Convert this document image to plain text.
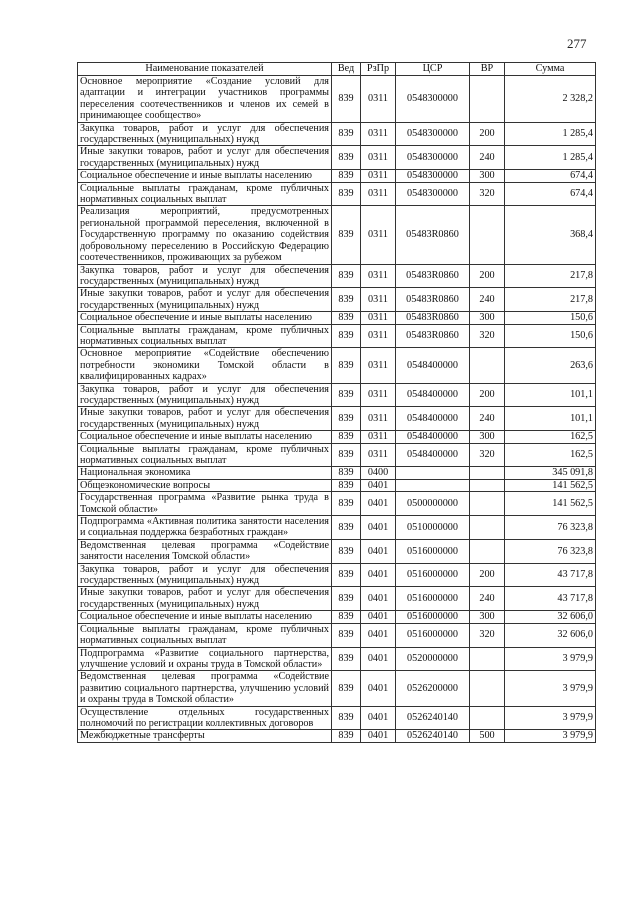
277
Наименование показателей	Вед	РзПр	ЦСР	ВР	Сумма
Основное мероприятие «Создание условий для адаптации и интеграции участников программы переселения соотечественников и членов их семей в принимающее сообщество»	839	0311	0548300000		2 328,2
Закупка товаров, работ и услуг для обеспечения государственных (муниципальных) нужд	839	0311	0548300000	200	1 285,4
Иные закупки товаров, работ и услуг для обеспечения государственных (муниципальных) нужд	839	0311	0548300000	240	1 285,4
Социальное обеспечение и иные выплаты населению	839	0311	0548300000	300	674,4
Социальные выплаты гражданам, кроме публичных нормативных социальных выплат	839	0311	0548300000	320	674,4
Реализация мероприятий, предусмотренных региональной программой переселения, включенной в Государственную программу по оказанию содействия добровольному переселению в Российскую Федерацию соотечественников, проживающих за рубежом	839	0311	05483R0860		368,4
Закупка товаров, работ и услуг для обеспечения государственных (муниципальных) нужд	839	0311	05483R0860	200	217,8
Иные закупки товаров, работ и услуг для обеспечения государственных (муниципальных) нужд	839	0311	05483R0860	240	217,8
Социальное обеспечение и иные выплаты населению	839	0311	05483R0860	300	150,6
Социальные выплаты гражданам, кроме публичных нормативных социальных выплат	839	0311	05483R0860	320	150,6
Основное мероприятие «Содействие обеспечению потребности экономики Томской области в квалифицированных кадрах»	839	0311	0548400000		263,6
Закупка товаров, работ и услуг для обеспечения государственных (муниципальных) нужд	839	0311	0548400000	200	101,1
Иные закупки товаров, работ и услуг для обеспечения государственных (муниципальных) нужд	839	0311	0548400000	240	101,1
Социальное обеспечение и иные выплаты населению	839	0311	0548400000	300	162,5
Социальные выплаты гражданам, кроме публичных нормативных социальных выплат	839	0311	0548400000	320	162,5
Национальная экономика	839	0400			345 091,8
Общеэкономические вопросы	839	0401			141 562,5
Государственная программа «Развитие рынка труда в Томской области»	839	0401	0500000000		141 562,5
Подпрограмма «Активная политика занятости населения и социальная поддержка безработных граждан»	839	0401	0510000000		76 323,8
Ведомственная целевая программа «Содействие занятости населения Томской области»	839	0401	0516000000		76 323,8
Закупка товаров, работ и услуг для обеспечения государственных (муниципальных) нужд	839	0401	0516000000	200	43 717,8
Иные закупки товаров, работ и услуг для обеспечения государственных (муниципальных) нужд	839	0401	0516000000	240	43 717,8
Социальное обеспечение и иные выплаты населению	839	0401	0516000000	300	32 606,0
Социальные выплаты гражданам, кроме публичных нормативных социальных выплат	839	0401	0516000000	320	32 606,0
Подпрограмма «Развитие социального партнерства, улучшение условий и охраны труда в Томской области»	839	0401	0520000000		3 979,9
Ведомственная целевая программа «Содействие развитию социального партнерства, улучшению условий и охраны труда в Томской области»	839	0401	0526200000		3 979,9
Осуществление отдельных государственных полномочий по регистрации коллективных договоров	839	0401	0526240140		3 979,9
Межбюджетные трансферты	839	0401	0526240140	500	3 979,9
